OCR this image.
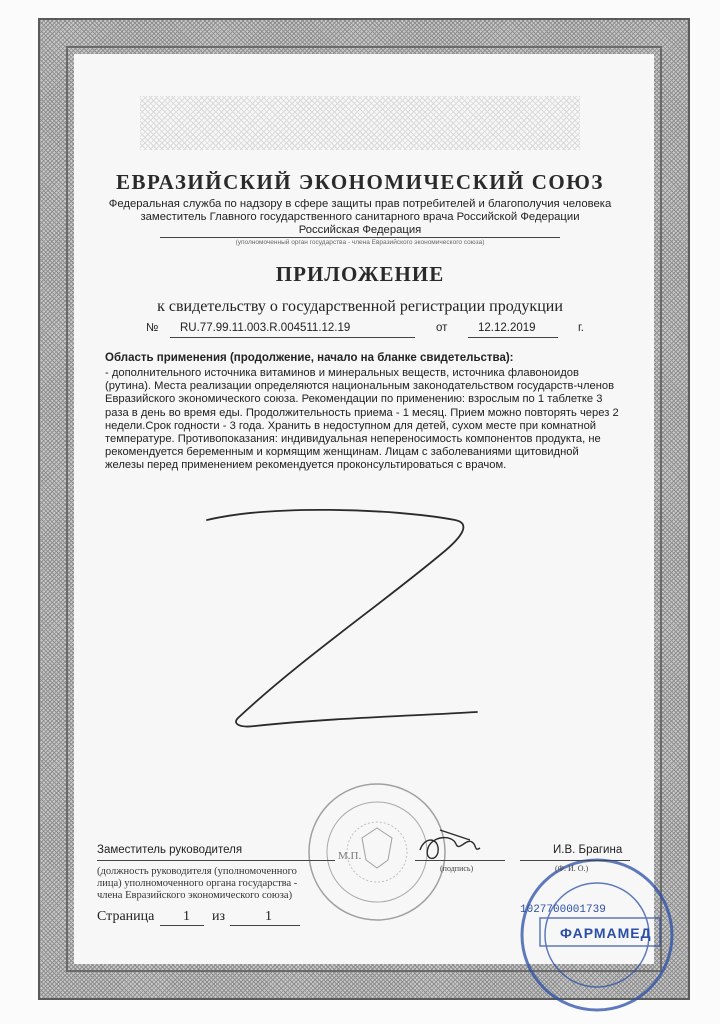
ЕВРАЗИЙСКИЙ ЭКОНОМИЧЕСКИЙ СОЮЗ
Федеральная служба по надзору в сфере защиты прав потребителей и благополучия человека
заместитель Главного государственного санитарного врача Российской Федерации
Российская Федерация
(уполномоченный орган государства - члена Евразийского экономического союза)
ПРИЛОЖЕНИЕ
к свидетельству о государственной регистрации продукции
№ RU.77.99.11.003.R.004511.12.19	от	12.12.2019	г.
Область применения (продолжение, начало на бланке свидетельства):
- дополнительного источника витаминов и минеральных веществ, источника флавоноидов
(рутина). Места реализации определяются национальным законодательством государств-членов
Евразийского экономического союза. Рекомендации по применению: взрослым по 1 таблетке 3
раза в день во время еды. Продолжительность приема - 1 месяц. Прием можно повторять через 2
недели.Срок годности - 3 года. Хранить в недоступном для детей, сухом месте при комнатной
температуре. Противопоказания: индивидуальная непереносимость компонентов продукта, не
рекомендуется беременным и кормящим женщинам. Лицам с заболеваниями щитовидной
железы перед применением рекомендуется проконсультироваться с врачом.
М.П.
1027700001739
ФАРМАМЕД
Заместитель руководителя	И.В. Брагина
(должность руководителя (уполномоченного
лица) уполномоченного органа государства -
члена Евразийского экономического союза)
(подпись)	(Ф. И. О.)
Страница 1 из	1
